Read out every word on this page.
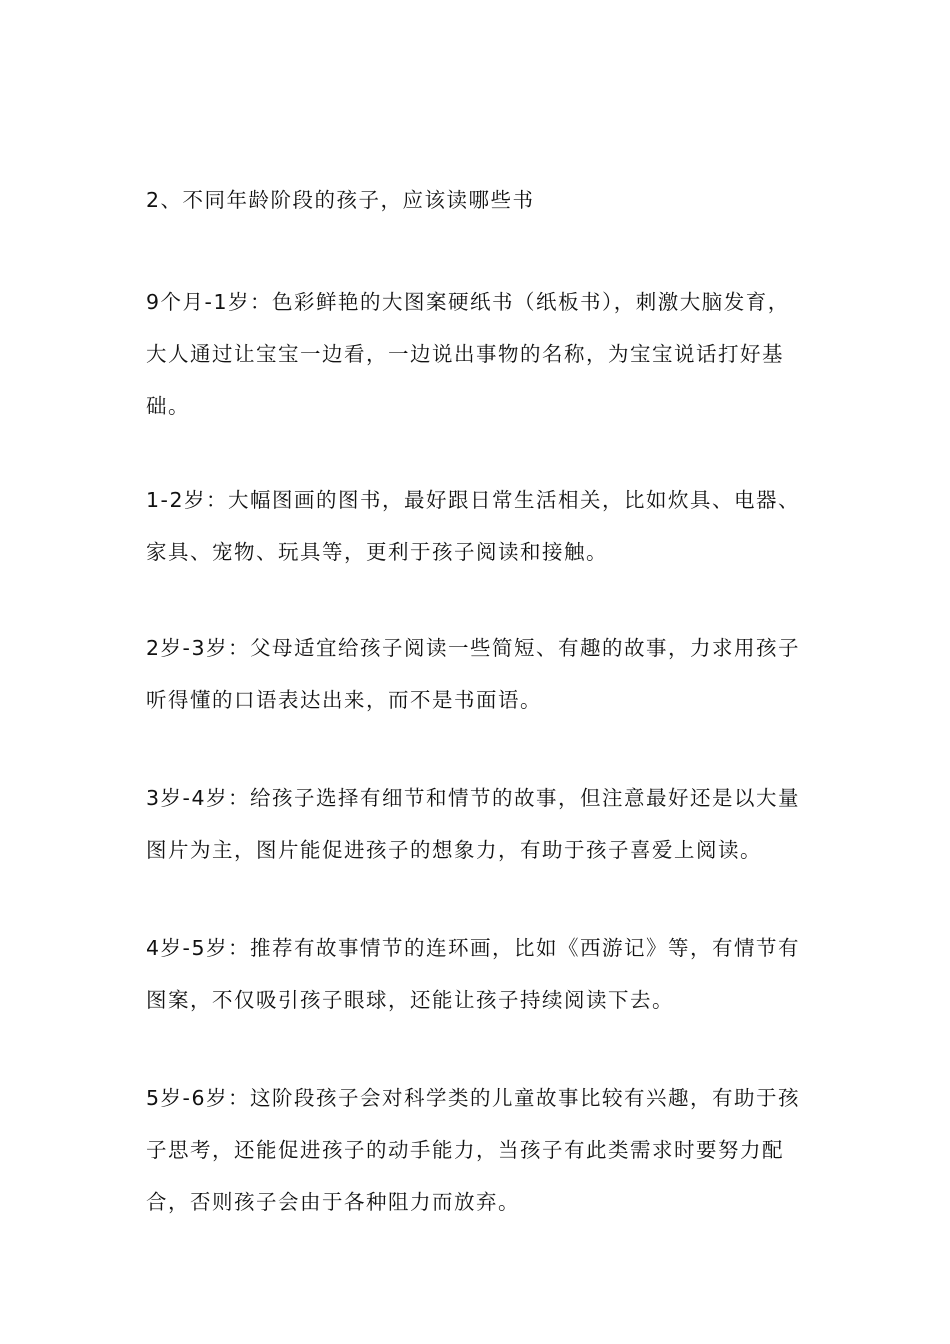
2、不同年龄阶段的孩子，应该读哪些书

9个月-1岁：色彩鲜艳的大图案硬纸书（纸板书），刺激大脑发育，大人通过让宝宝一边看，一边说出事物的名称，为宝宝说话打好基础。

1-2岁：大幅图画的图书，最好跟日常生活相关，比如炊具、电器、家具、宠物、玩具等，更利于孩子阅读和接触。

2岁-3岁：父母适宜给孩子阅读一些简短、有趣的故事，力求用孩子听得懂的口语表达出来，而不是书面语。

3岁-4岁：给孩子选择有细节和情节的故事，但注意最好还是以大量图片为主，图片能促进孩子的想象力，有助于孩子喜爱上阅读。

4岁-5岁：推荐有故事情节的连环画，比如《西游记》等，有情节有图案，不仅吸引孩子眼球，还能让孩子持续阅读下去。

5岁-6岁：这阶段孩子会对科学类的儿童故事比较有兴趣，有助于孩子思考，还能促进孩子的动手能力，当孩子有此类需求时要努力配合，否则孩子会由于各种阻力而放弃。
